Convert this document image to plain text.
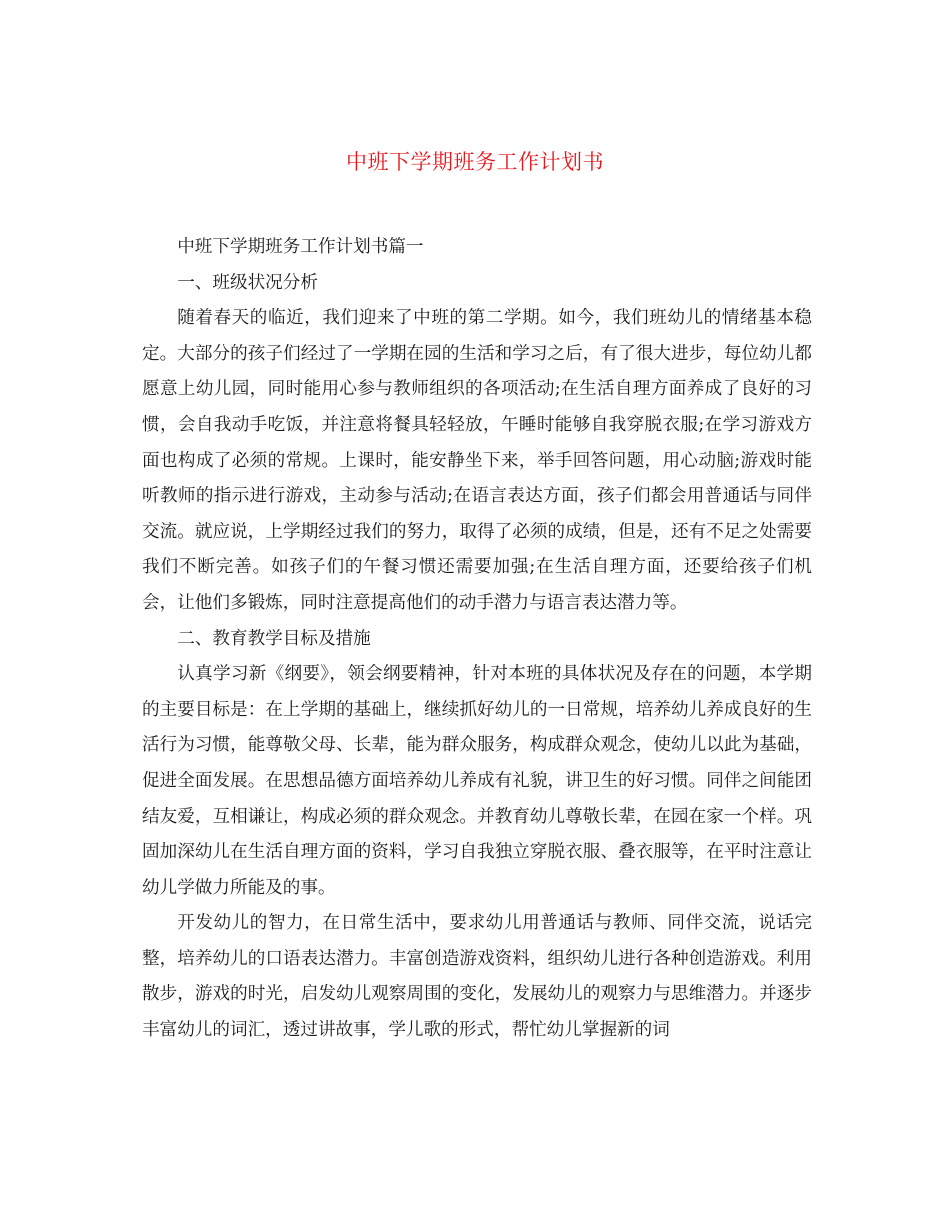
中班下学期班务工作计划书

中班下学期班务工作计划书篇一

一、班级状况分析

随着春天的临近，我们迎来了中班的第二学期。如今，我们班幼儿的情绪基本稳定。大部分的孩子们经过了一学期在园的生活和学习之后，有了很大进步，每位幼儿都愿意上幼儿园，同时能用心参与教师组织的各项活动;在生活自理方面养成了良好的习惯，会自我动手吃饭，并注意将餐具轻轻放，午睡时能够自我穿脱衣服;在学习游戏方面也构成了必须的常规。上课时，能安静坐下来，举手回答问题，用心动脑;游戏时能听教师的指示进行游戏，主动参与活动;在语言表达方面，孩子们都会用普通话与同伴交流。就应说，上学期经过我们的努力，取得了必须的成绩，但是，还有不足之处需要我们不断完善。如孩子们的午餐习惯还需要加强;在生活自理方面，还要给孩子们机会，让他们多锻炼，同时注意提高他们的动手潜力与语言表达潜力等。

二、教育教学目标及措施

认真学习新《纲要》，领会纲要精神，针对本班的具体状况及存在的问题，本学期的主要目标是：在上学期的基础上，继续抓好幼儿的一日常规，培养幼儿养成良好的生活行为习惯，能尊敬父母、长辈，能为群众服务，构成群众观念，使幼儿以此为基础，促进全面发展。在思想品德方面培养幼儿养成有礼貌，讲卫生的好习惯。同伴之间能团结友爱，互相谦让，构成必须的群众观念。并教育幼儿尊敬长辈，在园在家一个样。巩固加深幼儿在生活自理方面的资料，学习自我独立穿脱衣服、叠衣服等，在平时注意让幼儿学做力所能及的事。

开发幼儿的智力，在日常生活中，要求幼儿用普通话与教师、同伴交流，说话完整，培养幼儿的口语表达潜力。丰富创造游戏资料，组织幼儿进行各种创造游戏。利用散步，游戏的时光，启发幼儿观察周围的变化，发展幼儿的观察力与思维潜力。并逐步丰富幼儿的词汇，透过讲故事，学儿歌的形式，帮忙幼儿掌握新的词
